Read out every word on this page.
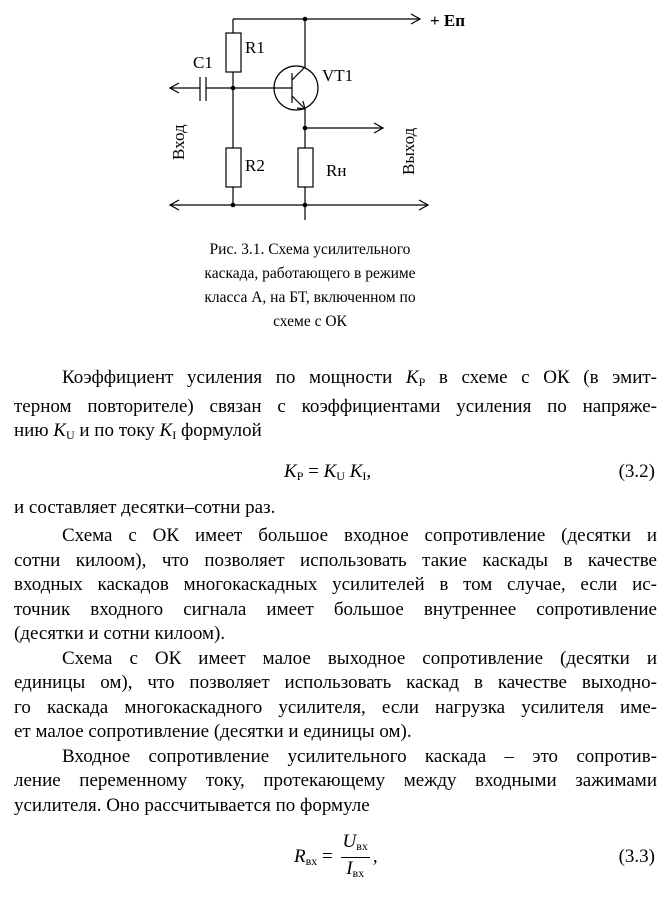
R1
C1
VT1
R2	Rн
+ Eп
Вход	Выход
Рис. 3.1. Схема усилительного
каскада, работающего в режиме
класса А, на БТ, включенном по
схеме с ОК
Коэффициент усиления по мощности $K_P$ в схеме с ОК (в эмит-
терном повторителе) связан с коэффициентами усиления по напряже-
нию $K_U$ и по току $K_I$ формулой
$K_P = K_U$ $K_I$,	(3.2)
и составляет десятки–сотни раз.
Схема с ОК имеет большое входное сопротивление (десятки и
сотни килоом), что позволяет использовать такие каскады в качестве
входных каскадов многокаскадных усилителей в том случае, если ис-
точник входного сигнала имеет большое внутреннее сопротивление
(десятки и сотни килоом).
Схема с ОК имеет малое выходное сопротивление (десятки и
единицы ом), что позволяет использовать каскад в качестве выходно-
го каскада многокаскадного усилителя, если нагрузка усилителя име-
ет малое сопротивление (десятки и единицы ом).
Входное сопротивление усилительного каскада – это сопротив-
ление переменному току, протекающему между входными зажимами
усилителя. Оно рассчитывается по формуле
$R_{вх} = \frac{U_{вх}}{I_{вх}}$ ,	(3.3)
